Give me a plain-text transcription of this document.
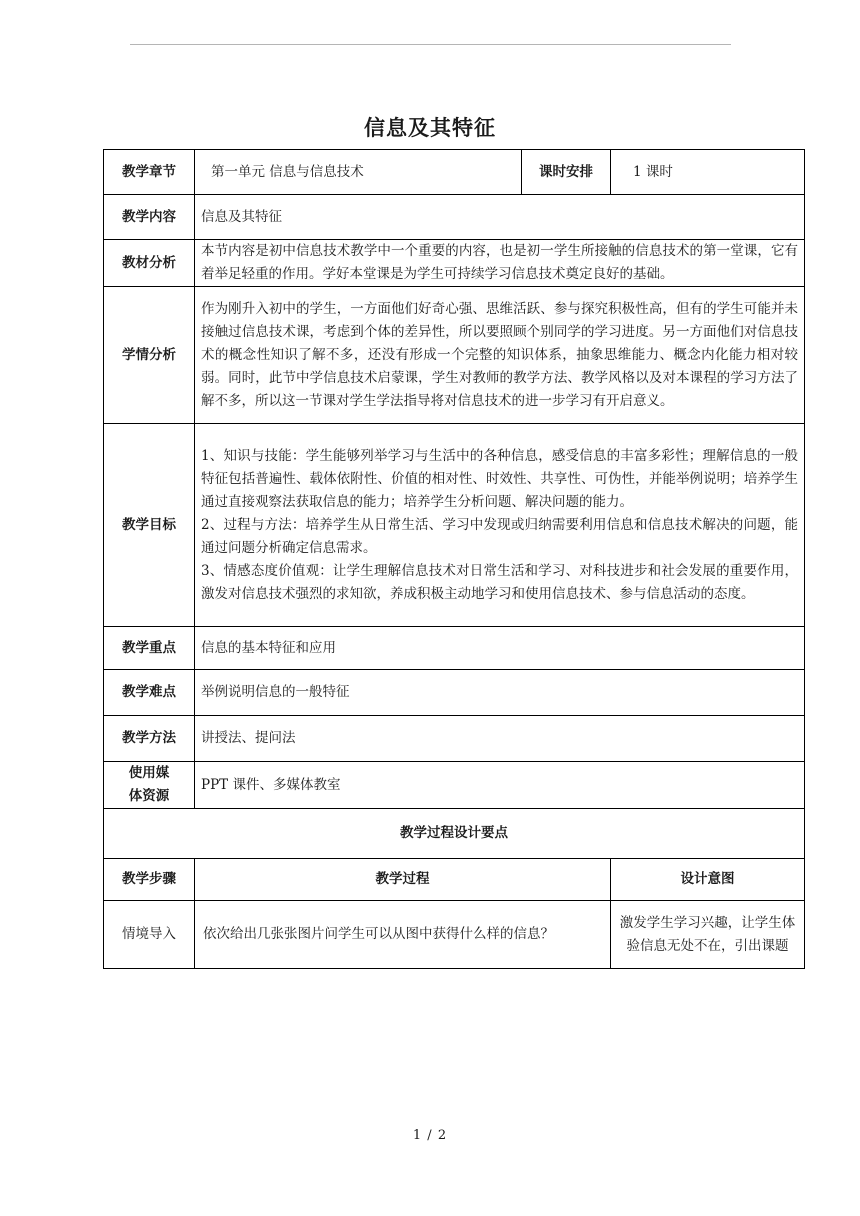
信息及其特征
教学章节	第一单元 信息与信息技术	课时安排	1 课时
教学内容	信息及其特征		
教材分析	本节内容是初中信息技术教学中一个重要的内容，也是初一学生所接触的信息技术的第一堂课，它有着举足轻重的作用。学好本堂课是为学生可持续学习信息技术奠定良好的基础。		
学情分析	作为刚升入初中的学生，一方面他们好奇心强、思维活跃、参与探究积极性高，但有的学生可能并未接触过信息技术课，考虑到个体的差异性，所以要照顾个别同学的学习进度。另一方面他们对信息技术的概念性知识了解不多，还没有形成一个完整的知识体系，抽象思维能力、概念内化能力相对较弱。同时，此节中学信息技术启蒙课，学生对教师的教学方法、教学风格以及对本课程的学习方法了解不多，所以这一节课对学生学法指导将对信息技术的进一步学习有开启意义。		
教学目标	1、知识与技能：学生能够列举学习与生活中的各种信息，感受信息的丰富多彩性；理解信息的一般特征包括普遍性、载体依附性、价值的相对性、时效性、共享性、可伪性，并能举例说明；培养学生通过直接观察法获取信息的能力；培养学生分析问题、解决问题的能力。
2、过程与方法：培养学生从日常生活、学习中发现或归纳需要利用信息和信息技术解决的问题，能通过问题分析确定信息需求。
3、情感态度价值观：让学生理解信息技术对日常生活和学习、对科技进步和社会发展的重要作用，激发对信息技术强烈的求知欲，养成积极主动地学习和使用信息技术、参与信息活动的态度。		

教学重点	信息的基本特征和应用		
教学难点	举例说明信息的一般特征		
教学方法	讲授法、提问法		

使用媒
体资源	PPT 课件、多媒体教室		
教学过程设计要点			
教学步骤	教学过程		设计意图
情境导入	依次给出几张张图片问学生可以从图中获得什么样的信息？		激发学生学习兴趣，让学生体验信息无处不在，引出课题
1 / 2
